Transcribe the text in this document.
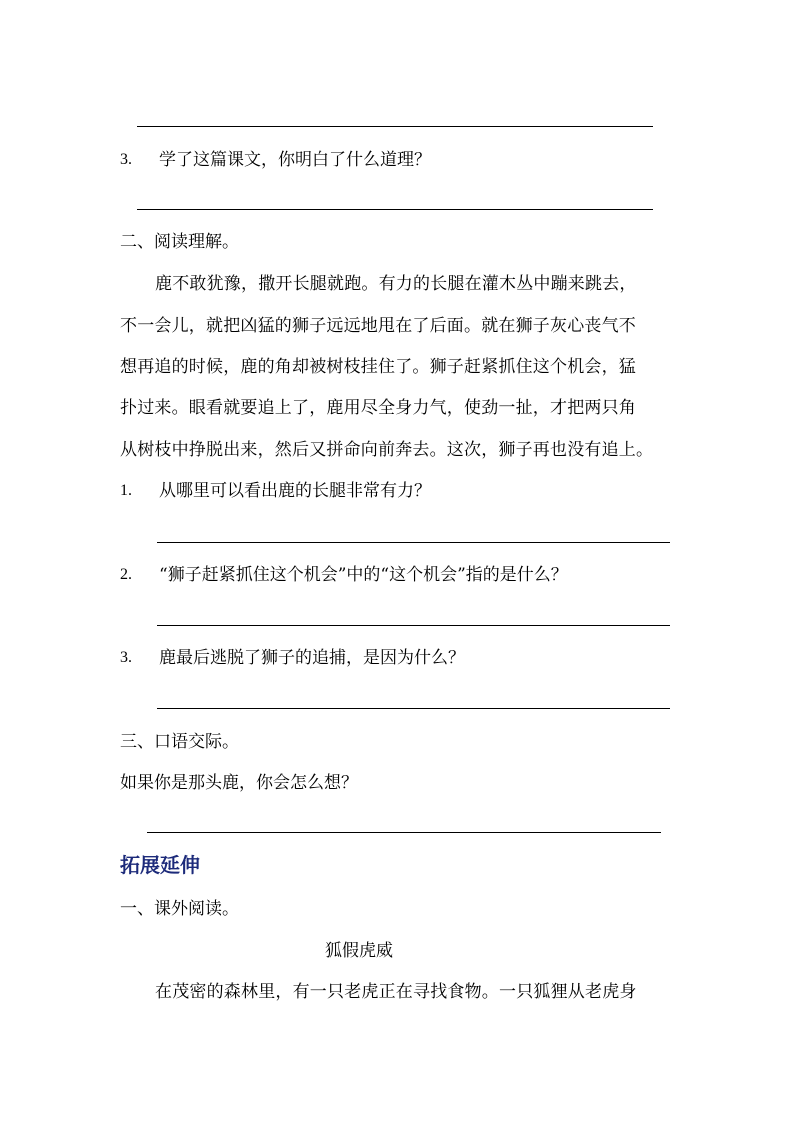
3. 学了这篇课文，你明白了什么道理？
二、阅读理解。
鹿不敢犹豫，撒开长腿就跑。有力的长腿在灌木丛中蹦来跳去，
不一会儿，就把凶猛的狮子远远地甩在了后面。就在狮子灰心丧气不
想再追的时候，鹿的角却被树枝挂住了。狮子赶紧抓住这个机会，猛
扑过来。眼看就要追上了，鹿用尽全身力气，使劲一扯，才把两只角
从树枝中挣脱出来，然后又拼命向前奔去。这次，狮子再也没有追上。
1. 从哪里可以看出鹿的长腿非常有力？
2. “狮子赶紧抓住这个机会”中的“这个机会”指的是什么？
3. 鹿最后逃脱了狮子的追捕，是因为什么？
三、口语交际。
如果你是那头鹿，你会怎么想？
拓展延伸
一、课外阅读。
狐假虎威
在茂密的森林里，有一只老虎正在寻找食物。一只狐狸从老虎身
